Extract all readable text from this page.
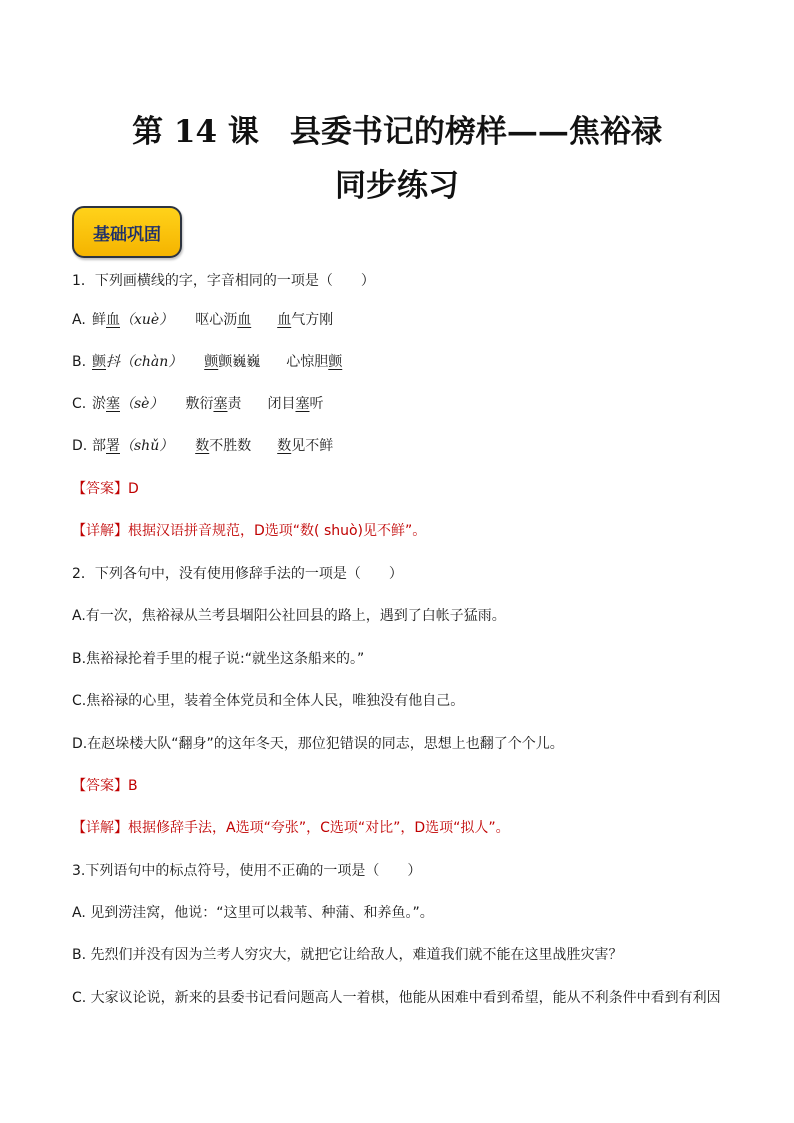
第 14 课　县委书记的榜样——焦裕禄
同步练习
基础巩固
1．下列画横线的字，字音相同的一项是（　　）
A. 鲜血（xuè） 呕心沥血 血气方刚
B. 颤抖（chàn） 颤颤巍巍 心惊胆颤
C. 淤塞（sè） 敷衍塞责 闭目塞听
D. 部署（shǔ） 数不胜数 数见不鲜
【答案】D
【详解】根据汉语拼音规范，D选项“数( shuò)见不鲜”。
2．下列各句中，没有使用修辞手法的一项是（　　）
A.有一次，焦裕禄从兰考县堌阳公社回县的路上，遇到了白帐子猛雨。
B.焦裕禄抡着手里的棍子说:“就坐这条船来的。”
C.焦裕禄的心里，装着全体党员和全体人民，唯独没有他自己。
D.在赵垛楼大队“翻身”的这年冬天，那位犯错误的同志，思想上也翻了个个儿。
【答案】B
【详解】根据修辞手法，A选项“夸张”，C选项“对比”，D选项“拟人”。
3.下列语句中的标点符号，使用不正确的一项是（　　）
A. 见到涝洼窝，他说：“这里可以栽苇、种蒲、和养鱼。”。
B. 先烈们并没有因为兰考人穷灾大，就把它让给敌人，难道我们就不能在这里战胜灾害？
C. 大家议论说，新来的县委书记看问题高人一着棋，他能从困难中看到希望，能从不利条件中看到有利因
